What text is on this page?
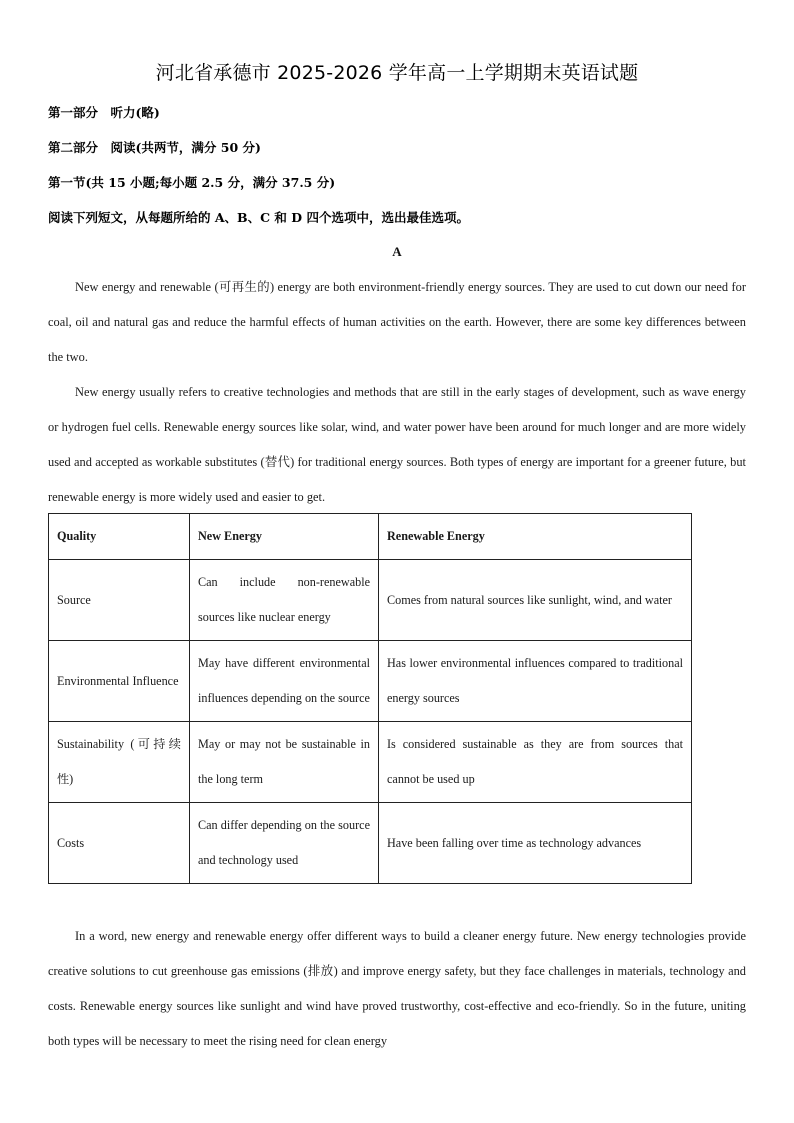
河北省承德市 2025-2026 学年高一上学期期末英语试题
第一部分　听力(略)
第二部分　阅读(共两节，满分 50 分)
第一节(共 15 小题;每小题 2.5 分，满分 37.5 分)
阅读下列短文，从每题所给的 A、B、C 和 D 四个选项中，选出最佳选项。
A

New energy and renewable (可再生的) energy are both environment-friendly energy sources. They are used to cut down our need for coal, oil and natural gas and reduce the harmful effects of human activities on the earth. However, there are some key differences between the two.

New energy usually refers to creative technologies and methods that are still in the early stages of development, such as wave energy or hydrogen fuel cells. Renewable energy sources like solar, wind, and water power have been around for much longer and are more widely used and accepted as workable substitutes (替代) for traditional energy sources. Both types of energy are important for a greener future, but renewable energy is more widely used and easier to get.

Quality	New Energy	Renewable Energy
Source	Can include non-renewable sources like nuclear energy	Comes from natural sources like sunlight, wind, and water
Environmental Influence	May have different environmental influences depending on the source	Has lower environmental influences compared to traditional energy sources
Sustainability (可持续性)	May or may not be sustainable in the long term	Is considered sustainable as they are from sources that cannot be used up
Costs	Can differ depending on the source and technology used	Have been falling over time as technology advances

In a word, new energy and renewable energy offer different ways to build a cleaner energy future. New energy technologies provide creative solutions to cut greenhouse gas emissions (排放) and improve energy safety, but they face challenges in materials, technology and costs. Renewable energy sources like sunlight and wind have proved trustworthy, cost-effective and eco-friendly. So in the future, uniting both types will be necessary to meet the rising need for clean energy
